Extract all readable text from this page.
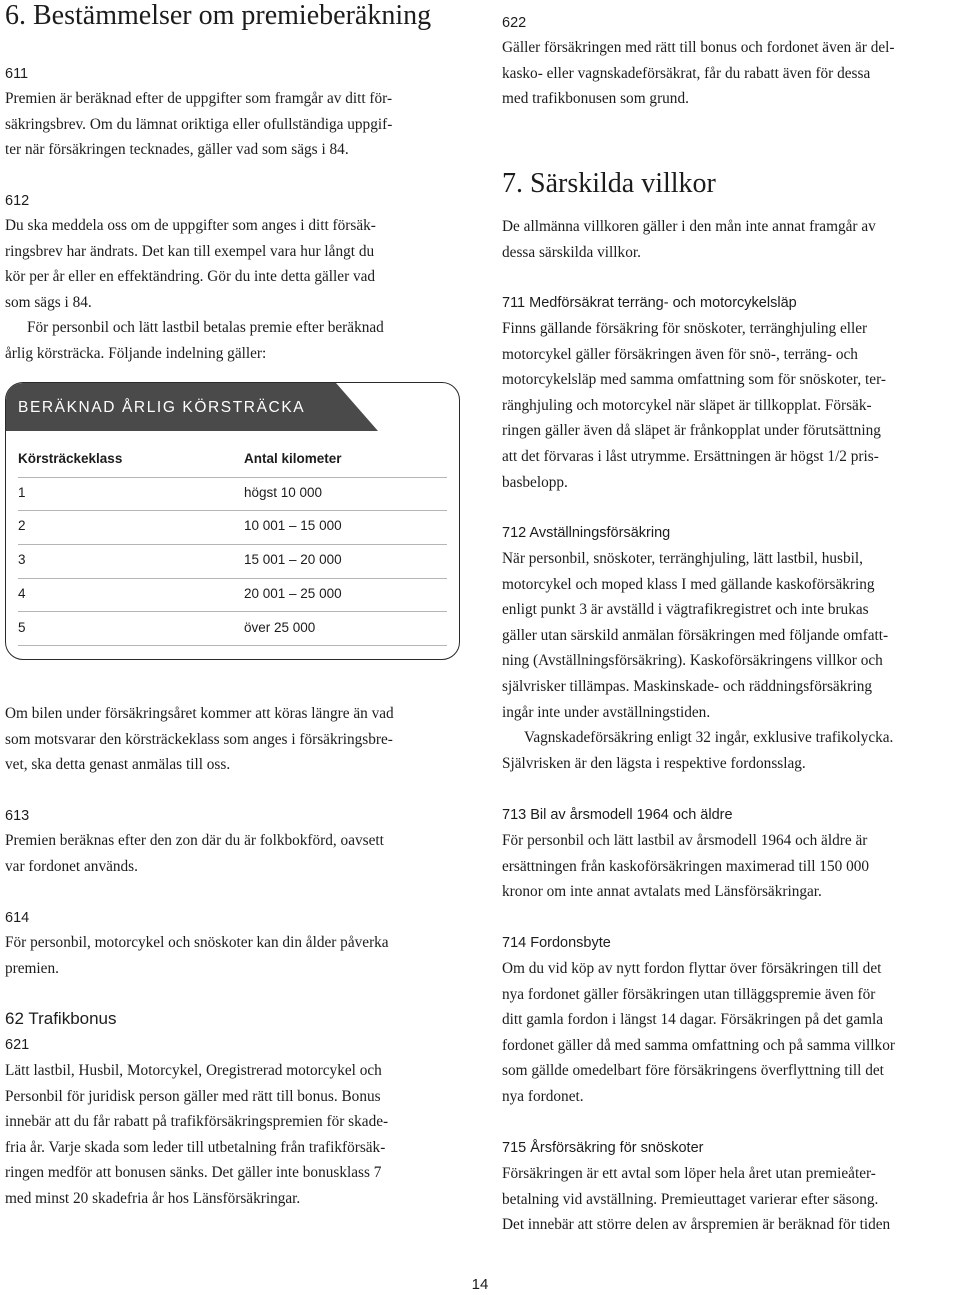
6. Bestämmelser om premieberäkning
611
Premien är beräknad efter de uppgifter som framgår av ditt för-
säkringsbrev. Om du lämnat oriktiga eller ofullständiga uppgif-
ter när försäkringen tecknades, gäller vad som sägs i 84.
612
Du ska meddela oss om de uppgifter som anges i ditt försäk-
ringsbrev har ändrats. Det kan till exempel vara hur långt du
kör per år eller en effektändring. Gör du inte detta gäller vad
som sägs i 84.
För personbil och lätt lastbil betalas premie efter beräknad
årlig körsträcka. Följande indelning gäller:
Om bilen under försäkringsåret kommer att köras längre än vad
som motsvarar den körsträckeklass som anges i försäkringsbre-
vet, ska detta genast anmälas till oss.
613
Premien beräknas efter den zon där du är folkbokförd, oavsett
var fordonet används.
614
För personbil, motorcykel och snöskoter kan din ålder påverka
premien.
62 Trafikbonus
621
Lätt lastbil, Husbil, Motorcykel, Oregistrerad motorcykel och
Personbil för juridisk person gäller med rätt till bonus. Bonus
innebär att du får rabatt på trafikförsäkringspremien för skade-
fria år. Varje skada som leder till utbetalning från trafikförsäk-
ringen medför att bonusen sänks. Det gäller inte bonusklass 7
med minst 20 skadefria år hos Länsförsäkringar.
BERÄKNAD ÅRLIG KÖRSTRÄCKA
Körsträckeklass	Antal kilometer
1	högst 10 000
2	10 001 – 15 000
3	15 001 – 20 000
4	20 001 – 25 000
5	över 25 000
622
Gäller försäkringen med rätt till bonus och fordonet även är del-
kasko- eller vagnskadeförsäkrat, får du rabatt även för dessa
med trafikbonusen som grund.
7. Särskilda villkor
De allmänna villkoren gäller i den mån inte annat framgår av
dessa särskilda villkor.
711 Medförsäkrat terräng- och motorcykelsläp
Finns gällande försäkring för snöskoter, terränghjuling eller
motorcykel gäller försäkringen även för snö-, terräng- och
motorcykelsläp med samma omfattning som för snöskoter, ter-
ränghjuling och motorcykel när släpet är tillkopplat. Försäk-
ringen gäller även då släpet är frånkopplat under förutsättning
att det förvaras i låst utrymme. Ersättningen är högst 1/2 pris-
basbelopp.
712 Avställningsförsäkring
När personbil, snöskoter, terränghjuling, lätt lastbil, husbil,
motorcykel och moped klass I med gällande kaskoförsäkring
enligt punkt 3 är avställd i vägtrafikregistret och inte brukas
gäller utan särskild anmälan försäkringen med följande omfatt-
ning (Avställningsförsäkring). Kaskoförsäkringens villkor och
självrisker tillämpas. Maskinskade- och räddningsförsäkring
ingår inte under avställningstiden.
Vagnskadeförsäkring enligt 32 ingår, exklusive trafikolycka.
Självrisken är den lägsta i respektive fordonsslag.
713 Bil av årsmodell 1964 och äldre
För personbil och lätt lastbil av årsmodell 1964 och äldre är
ersättningen från kaskoförsäkringen maximerad till 150 000
kronor om inte annat avtalats med Länsförsäkringar.
714 Fordonsbyte
Om du vid köp av nytt fordon flyttar över försäkringen till det
nya fordonet gäller försäkringen utan tilläggspremie även för
ditt gamla fordon i längst 14 dagar. Försäkringen på det gamla
fordonet gäller då med samma omfattning och på samma villkor
som gällde omedelbart före försäkringens överflyttning till det
nya fordonet.
715 Årsförsäkring för snöskoter
Försäkringen är ett avtal som löper hela året utan premieåter-
betalning vid avställning. Premieuttaget varierar efter säsong.
Det innebär att större delen av årspremien är beräknad för tiden
14
